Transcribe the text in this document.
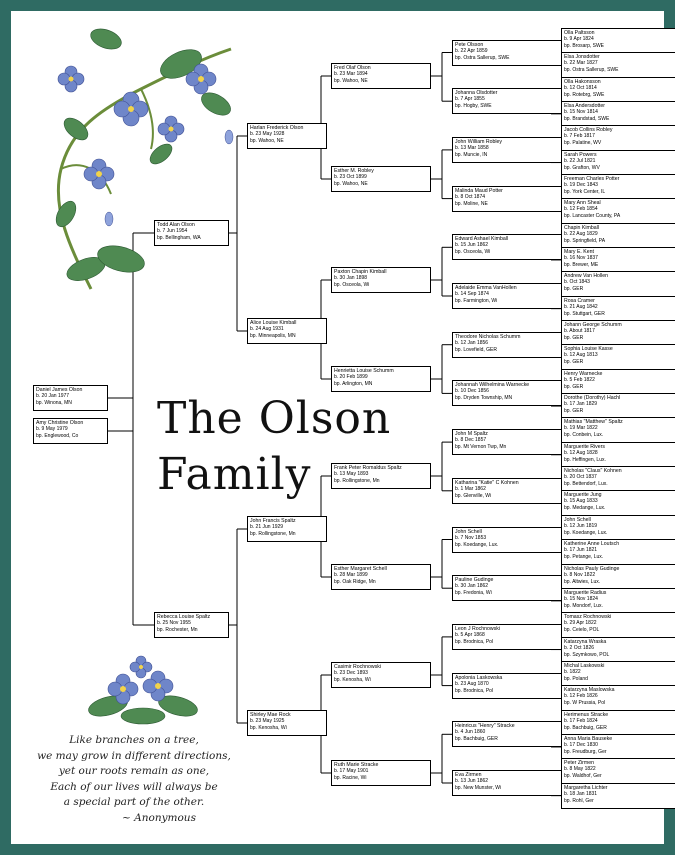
Daniel James Olson
b. 20 Jan 1977
bp. Winona, MN
Amy Christine Olson
b. 9 May 1979
bp. Englewood, Co
Todd Alan Olson
b. 7 Jun 1954
bp. Bellingham, WA
Rebecca Louise Spaltz
b. 25 Nov 1955
bp. Rochester, Mn
Harlan Frederick Olson
b. 23 May 1928
bp. Wahoo, NE
Alice Louise Kimball
b. 24 Aug 1931
bp. Minneapolis, MN
John Francis Spaltz
b. 21 Jun 1929
bp. Rollingstone, Mn
Shirley Mae Rock
b. 23 May 1925
bp. Kenosha, Wi
Fred Olaf Olson
b. 23 Mar 1894
bp. Wahoo, NE
Esther M. Robley
b. 23 Oct 1899
bp. Wahoo, NE
Paxton Chapin Kimball
b. 30 Jan 1898
bp. Osceola, Wi
Henrietta Louise Schumm
b. 20 Feb 1899
bp. Arlington, MN
Frank Peter Romaldus Spaltz
b. 13 May 1893
bp. Rollingstone, Mn
Esther Margaret Schell
b. 28 Mar 1899
bp. Oak Ridge, Mn
Casimir Rochnowski
b. 23 Dec 1893
bp. Kenosha, Wi
Ruth Marie Stracke
b. 17 May 1901
bp. Racine, Wi
Pete Olsson
b. 22 Apr 1859
bp. Ostra Sallerup, SWE
Johanna Olsdotter
b. 7 Apr 1855
bp. Hogby, SWE
John William Robley
b. 13 Mar 1858
bp. Muncie, IN
Malinda Maud Potter
b. 8 Oct 1874
bp. Moline, NE
Edward Ashael Kimball
b. 15 Jun 1862
bp. Osceola, Wi
Adelaide Emma VanHollen
b. 14 Sep 1874
bp. Farmington, Wi
Theodore Nicholas Schumm
b. 12 Jan 1856
bp. Lovefield, GER
Johannah Wilhelmina Warnecke
b. 10 Dec 1856
bp. Dryden Township, MN
John M Spaltz
b. 8 Dec 1857
bp. Mt Vernon Twp, Mn
Katharina "Katie" C Kohnen
b. 1 Mar 1862
bp. Glenville, Wi
John Schell
b. 7 Nov 1853
bp. Koedange, Lux.
Pauline Gudinge
b. 30 Jan 1862
bp. Fredonia, Wi
Leon J Rochnowski
b. 5 Apr 1868
bp. Brodnica, Pol
Apolonia Laskowska
b. 23 Aug 1870
bp. Brodnica, Pol
Heinricus "Henry" Stracke
b. 4 Jun 1860
bp. Bachbuig, GER
Eva Zirmen
b. 13 Jun 1862
bp. New Munster, Wi
Olla Paltsson
b. 9 Apr 1824
bp. Brosarp, SWE
Elsa Jonsdotter
b. 22 Mar 1827
bp. Ostra Sallerup, SWE
Olla Hakonsson
b. 12 Oct 1814
bp. Rotebrg, SWE
Elsa Andersdotter
b. 15 Nov 1814
bp. Brandstad, SWE
Jacob Collins Robley
b. 7 Feb 1817
bp. Palatine, WV
Sarah Powers
b. 22 Jul 1821
bp. Grafton, WV
Freeman Charles Potter
b. 19 Dec 1843
bp. York Center, IL
Mary Ann Sheal
b. 12 Feb 1854
bp. Lancaster County, PA
Chapin Kimball
b. 22 Aug 1829
bp. Springfield, PA
Mary E. Kent
b. 16 Nov 1837
bp. Brewer, ME
Andrew Van Hollen
b. Oct 1843
bp. GER
Rosa Cramer
b. 21 Aug 1842
bp. Stuttgart, GER
Johann George Schumm
b. About 1817
bp. GER
Sophia Louise Kasse
b. 12 Aug 1813
bp. GER
Henry Warnecke
b. 5 Feb 1822
bp. GER
Dorothe (Dorothy) Hachl
b. 17 Jan 1829
bp. GER
Mathias "Matthew" Spaltz
b. 19 Mar 1822
bp. Conbein, Lux.
Marguerite Rivers
b. 12 Aug 1828
bp. Heffingen, Lux.
Nicholas "Claus" Kohnen
b. 20 Oct 1837
bp. Bettendorf, Lux.
Marguerite Jung
b. 15 Aug 1833
bp. Medange, Lux.
John Schell
b. 12 Jun 1819
bp. Koedange, Lux.
Katherine Anne Loutsch
b. 17 Jun 1821
bp. Petange, Lux.
Nicholas Pauly Gudinge
b. 8 Nov 1822
bp. Altwies, Lux.
Marguerite Radius
b. 15 Nov 1824
bp. Mondorf, Lux.
Tomasz Rochnowski
b. 29 Apr 1822
bp. Ceielo, POL
Katarzyna Wraska
b. 2 Oct 1826
bp. Szymkowo, POL
Michal Laskowski
b. 1822
bp. Poland
Katarzyna Maslowska
b. 12 Feb 1826
bp. W Prussia, Pol
Herimenus Stracke
b. 17 Feb 1824
bp. Bachbuig, GER
Anna Maria Bauseke
b. 17 Dec 1830
bp. Freudburg, Ger
Peter Zirmen
b. 8 May 1822
bp. Waldhof, Ger
Margaretha Lichter
b. 18 Jan 1831
bp. Rohl, Ger
The Olson
Family
Like branches on a tree,
we may grow in different directions,
yet our roots remain as one,
Each of our lives will always be
a special part of the other.
~ Anonymous
